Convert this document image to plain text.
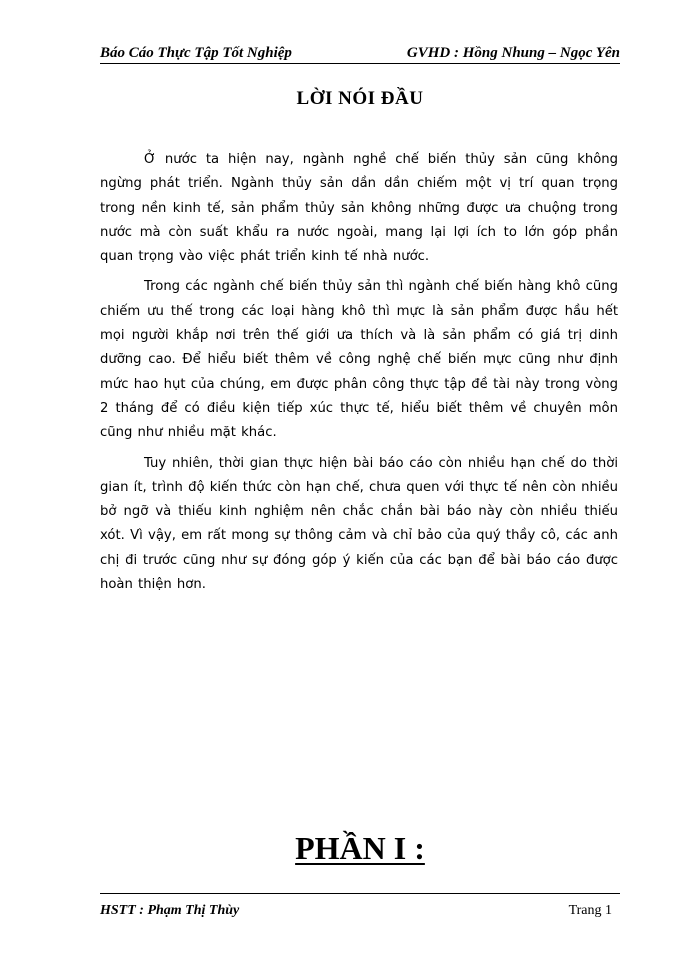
Báo Cáo Thực Tập Tốt Nghiệp	GVHD : Hồng Nhung – Ngọc Yên
LỜI NÓI ĐẦU

Ở nước ta hiện nay, ngành nghề chế biến thủy sản cũng không ngừng phát triển. Ngành thủy sản dần dần chiếm một vị trí quan trọng trong nền kinh tế, sản phẩm thủy sản không những được ưa chuộng trong nước mà còn suất khẩu ra nước ngoài, mang lại lợi ích to lớn góp phần quan trọng vào việc phát triển kinh tế nhà nước.

Trong các ngành chế biến thủy sản thì ngành chế biến hàng khô cũng chiếm ưu thế trong các loại hàng khô thì mực là sản phẩm được hầu hết mọi người khắp nơi trên thế giới ưa thích và là sản phẩm có giá trị dinh dưỡng cao. Để hiểu biết thêm về công nghệ chế biến mực cũng như định mức hao hụt của chúng, em được phân công thực tập đề tài này trong vòng 2 tháng để có điều kiện tiếp xúc thực tế, hiểu biết thêm về chuyên môn cũng như nhiều mặt khác.

Tuy nhiên, thời gian thực hiện bài báo cáo còn nhiều hạn chế do thời gian ít, trình độ kiến thức còn hạn chế, chưa quen với thực tế nên còn nhiều bở ngỡ và thiếu kinh nghiệm nên chắc chắn bài báo này còn nhiều thiếu xót. Vì vậy, em rất mong sự thông cảm và chỉ bảo của quý thầy cô, các anh chị đi trước cũng như sự đóng góp ý kiến của các bạn để bài báo cáo được hoàn thiện hơn.

PHẦN I :
HSTT : Phạm Thị Thùy	Trang 1
